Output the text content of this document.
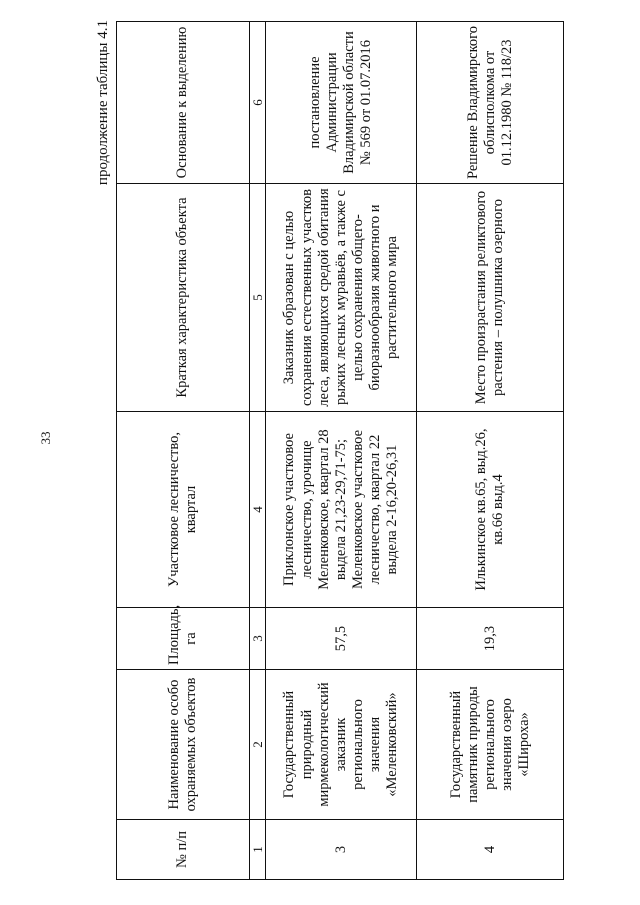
33
продолжение таблицы 4.1
№ п/п	Наименование особо охраняемых объектов	Площадь, га	Участковое лесничество, квартал	Краткая характеристика объекта	Основание к выделению
1	2	3	4	5	6
3	Государственный природный мирмекологический заказник регионального значения «Меленковский»	57,5	Приклонское участковое лесничество, урочище Меленковское, квартал 28 выдела 21,23-29,71-75; Меленковское участковое лесничество, квартал 22 выдела 2-16,20-26,31	Заказник образован с целью сохранения естественных участков леса, являющихся средой обитания рыжих лесных муравьёв, а также с целью сохранения общего-биоразнообразия животного и растительного мира	постановление Администрации Владимирской области № 569 от 01.07.2016
4	Государственный памятник природы регионального значения озеро «Широха»	19,3	Илькинское кв.65, выд.26, кв.66 выд.4	Место произрастания реликтового растения – полушника озерного	Решение Владимирского облисполкома от 01.12.1980 № 118/23
